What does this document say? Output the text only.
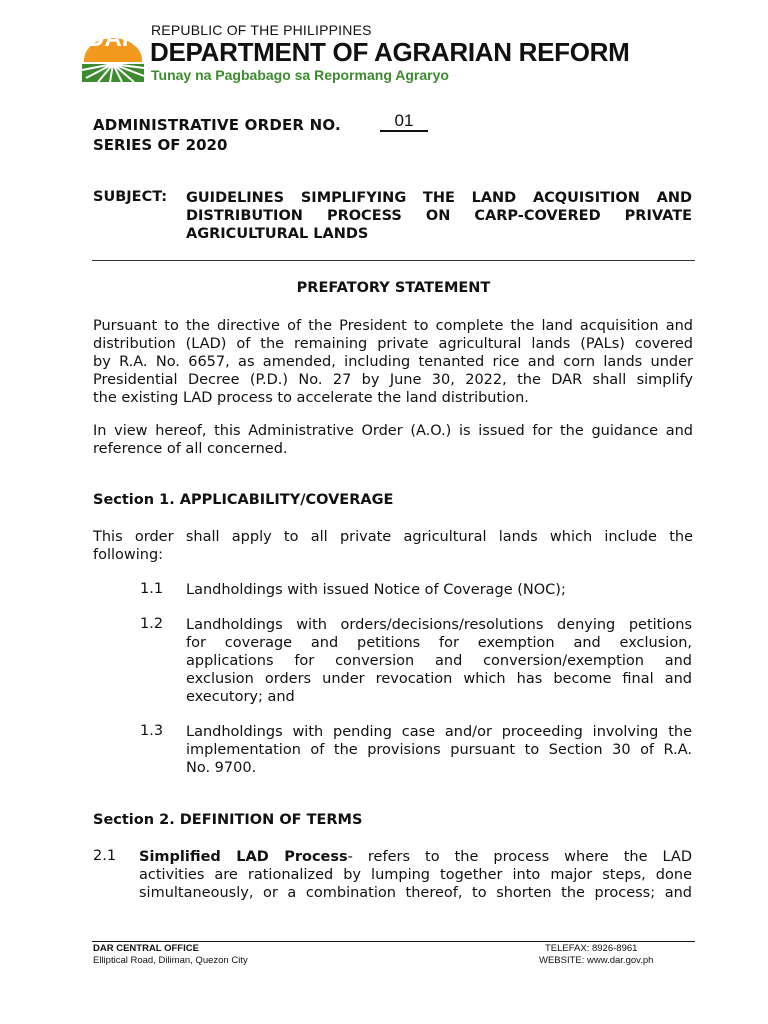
DAR REPUBLIC OF THE PHILIPPINES
DEPARTMENT OF AGRARIAN REFORM
Tunay na Pagbabago sa Repormang Agraryo
ADMINISTRATIVE ORDER NO.	01
SERIES OF 2020
SUBJECT: GUIDELINES SIMPLIFYING THE LAND ACQUISITION AND
DISTRIBUTION PROCESS ON CARP-COVERED PRIVATE
AGRICULTURAL LANDS
PREFATORY STATEMENT
Pursuant to the directive of the President to complete the land acquisition and
distribution (LAD) of the remaining private agricultural lands (PALs) covered
by R.A. No. 6657, as amended, including tenanted rice and corn lands under
Presidential Decree (P.D.) No. 27 by June 30, 2022, the DAR shall simplify
the existing LAD process to accelerate the land distribution.
In view hereof, this Administrative Order (A.O.) is issued for the guidance and
reference of all concerned.
Section 1. APPLICABILITY/COVERAGE
This order shall apply to all private agricultural lands which include the
following:
1.1 Landholdings with issued Notice of Coverage (NOC);
1.2 Landholdings with orders/decisions/resolutions denying petitions
for coverage and petitions for exemption and exclusion,
applications for conversion and conversion/exemption and
exclusion orders under revocation which has become final and
executory; and
1.3 Landholdings with pending case and/or proceeding involving the
implementation of the provisions pursuant to Section 30 of R.A.
No. 9700.
Section 2. DEFINITION OF TERMS
2.1 Simplified LAD Process- refers to the process where the LAD
activities are rationalized by lumping together into major steps, done
simultaneously, or a combination thereof, to shorten the process; and
DAR CENTRAL OFFICE
Elliptical Road, Diliman, Quezon City
TELEFAX: 8926-8961
WEBSITE: www.dar.gov.ph
